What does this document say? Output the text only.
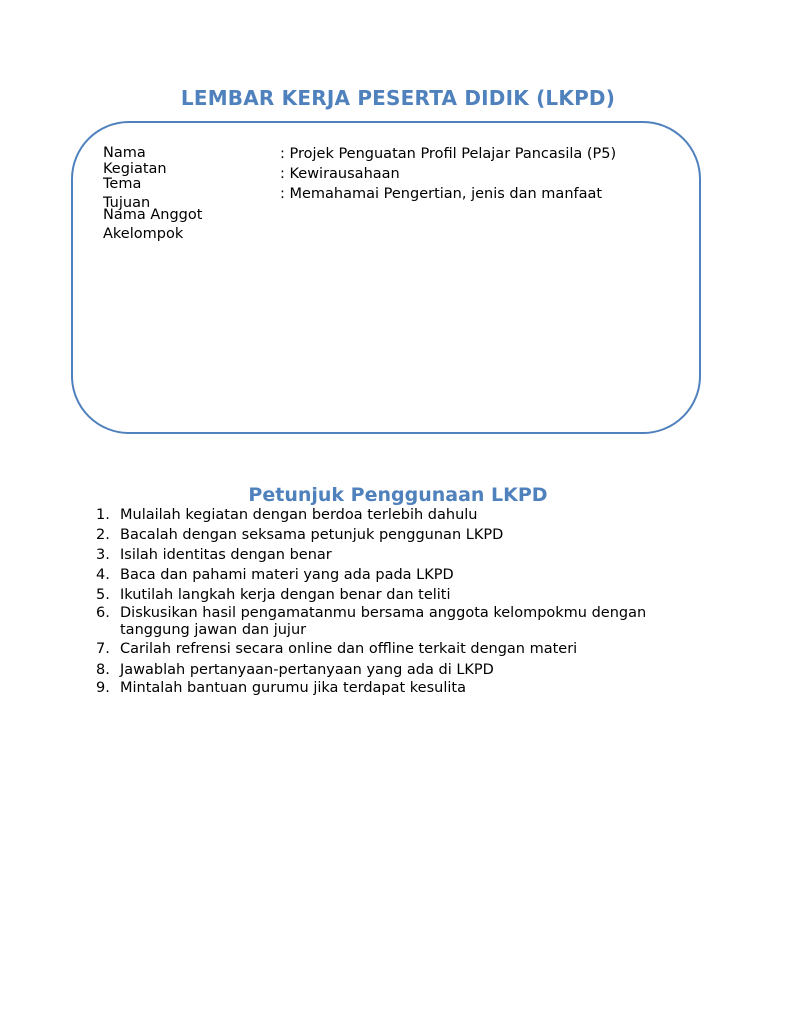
LEMBAR KERJA PESERTA DIDIK (LKPD)
Nama
Kegiatan
Tema
Tujuan
Nama Anggot
Akelompok
: Projek Penguatan Profil Pelajar Pancasila (P5)
: Kewirausahaan
: Memahamai Pengertian, jenis dan manfaat
Petunjuk Penggunaan LKPD
1. Mulailah kegiatan dengan berdoa terlebih dahulu
2. Bacalah dengan seksama petunjuk penggunan LKPD
3. Isilah identitas dengan benar
4. Baca dan pahami materi yang ada pada LKPD
5. Ikutilah langkah kerja dengan benar dan teliti
6. Diskusikan hasil pengamatanmu bersama anggota kelompokmu dengan tanggung jawan dan jujur
7. Carilah refrensi secara online dan offline terkait dengan materi
8. Jawablah pertanyaan-pertanyaan yang ada di LKPD
9. Mintalah bantuan gurumu jika terdapat kesulita
